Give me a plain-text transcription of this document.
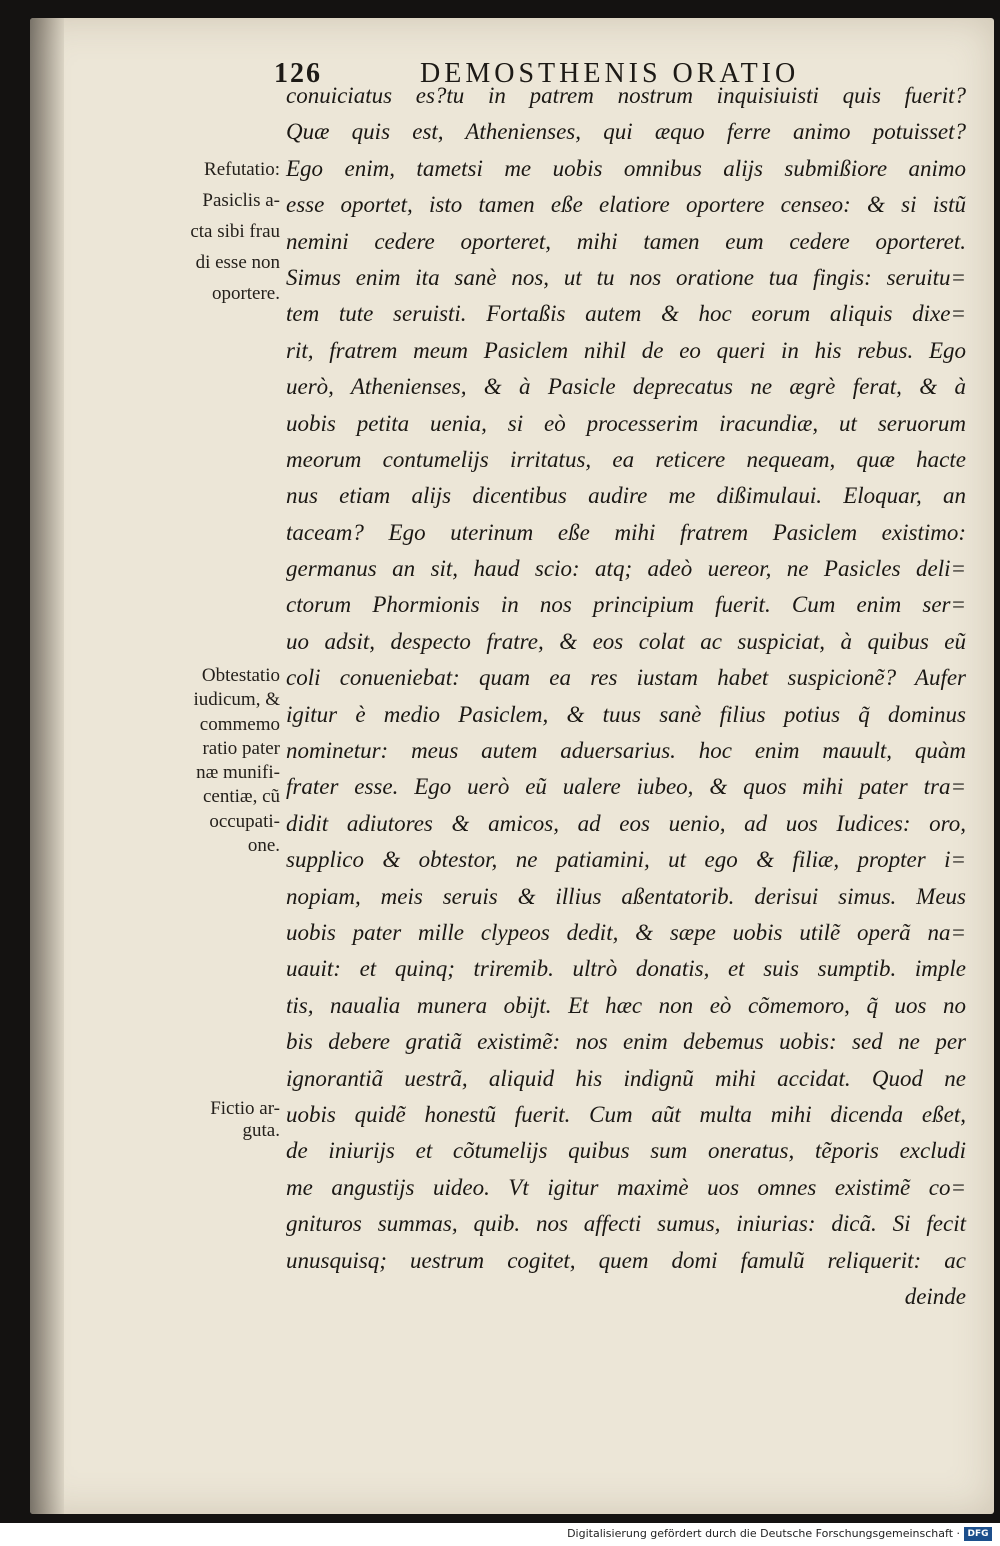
126	DEMOSTHENIS ORATIO
Refutatio:
Pasiclis a-
cta sibi frau
di esse non
oportere.
Obtestatio
iudicum, &
commemo
ratio pater
næ munifi-
centiæ, cũ
occupati-
one.
Fictio ar-
guta.
conuiciatus es?tu in patrem nostrum inquisiuisti quis fuerit?
Quæ quis est, Athenienses, qui æquo ferre animo potuisset?
Ego enim, tametsi me uobis omnibus alijs submißiore animo
esse oportet, isto tamen eße elatiore oportere censeo: & si istũ
nemini cedere oporteret, mihi tamen eum cedere oporteret.
Simus enim ita sanè nos, ut tu nos oratione tua fingis: seruitu=
tem tute seruisti. Fortaßis autem & hoc eorum aliquis dixe=
rit, fratrem meum Pasiclem nihil de eo queri in his rebus. Ego
uerò, Athenienses, & à Pasicle deprecatus ne ægrè ferat, & à
uobis petita uenia, si eò processerim iracundiæ, ut seruorum
meorum contumelijs irritatus, ea reticere nequeam, quæ hacte
nus etiam alijs dicentibus audire me dißimulaui. Eloquar, an
taceam? Ego uterinum eße mihi fratrem Pasiclem existimo:
germanus an sit, haud scio: atq; adeò uereor, ne Pasicles deli=
ctorum Phormionis in nos principium fuerit. Cum enim ser=
uo adsit, despecto fratre, & eos colat ac suspiciat, à quibus eũ
coli conueniebat: quam ea res iustam habet suspicionẽ? Aufer
igitur è medio Pasiclem, & tuus sanè filius potius q̃ dominus
nominetur: meus autem aduersarius. hoc enim mauult, quàm
frater esse. Ego uerò eũ ualere iubeo, & quos mihi pater tra=
didit adiutores & amicos, ad eos uenio, ad uos Iudices: oro,
supplico & obtestor, ne patiamini, ut ego & filiæ, propter i=
nopiam, meis seruis & illius aßentatorib. derisui simus. Meus
uobis pater mille clypeos dedit, & sæpe uobis utilẽ operã na=
uauit: et quinq; triremib. ultrò donatis, et suis sumptib. imple
tis, naualia munera obijt. Et hæc non eò cõmemoro, q̃ uos no
bis debere gratiã existimẽ: nos enim debemus uobis: sed ne per
ignorantiã uestrã, aliquid his indignũ mihi accidat. Quod ne
uobis quidẽ honestũ fuerit. Cum aũt multa mihi dicenda eßet,
de iniurijs et cõtumelijs quibus sum oneratus, tẽporis excludi
me angustijs uideo. Vt igitur maximè uos omnes existimẽ co=
gnituros summas, quib. nos affecti sumus, iniurias: dicã. Si fecit
unusquisq; uestrum cogitet, quem domi famulũ reliquerit: ac
deinde
Digitalisierung gefördert durch die Deutsche Forschungsgemeinschaft · DFG
